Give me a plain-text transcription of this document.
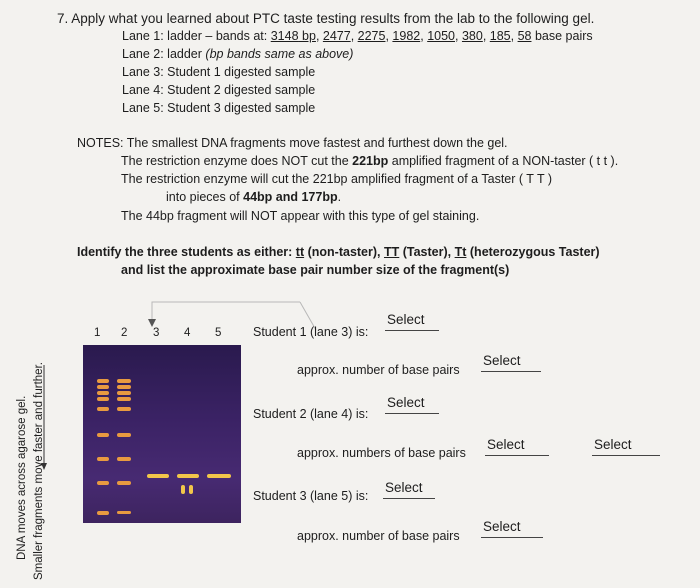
7. Apply what you learned about PTC taste testing results from the lab to the following gel.
Lane 1: ladder – bands at: 3148 bp, 2477, 2275, 1982, 1050, 380, 185, 58 base pairs
Lane 2: ladder (bp bands same as above)
Lane 3: Student 1 digested sample
Lane 4: Student 2 digested sample
Lane 5: Student 3 digested sample
NOTES: The smallest DNA fragments move fastest and furthest down the gel.
The restriction enzyme does NOT cut the 221bp amplified fragment of a NON-taster ( t t ).
The restriction enzyme will cut the 221bp amplified fragment of a Taster ( T T )
into pieces of 44bp and 177bp.
The 44bp fragment will NOT appear with this type of gel staining.
Identify the three students as either: tt (non-taster), TT (Taster), Tt (heterozygous Taster)
and list the approximate base pair number size of the fragment(s)
1 2 3 4 5
DNA moves across agarose gel. Smaller fragments move faster and further.
Student 1 (lane 3) is:
Select
approx. number of base pairs
Select
Student 2 (lane 4) is:
Select
approx. numbers of base pairs
Select	Select
Student 3 (lane 5) is:
Select
approx. number of base pairs
Select
